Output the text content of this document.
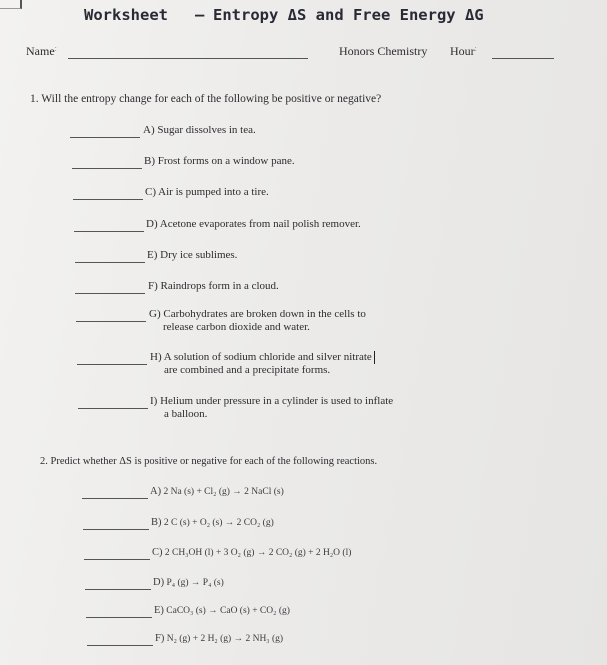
Worksheet – Entropy ΔS and Free Energy ΔG
Name:	Honors Chemistry Hour:
1. Will the entropy change for each of the following be positive or negative?
A) Sugar dissolves in tea.
B) Frost forms on a window pane.
C) Air is pumped into a tire.
D) Acetone evaporates from nail polish remover.
E) Dry ice sublimes.
F) Raindrops form in a cloud.
G) Carbohydrates are broken down in the cells to
release carbon dioxide and water.
H) A solution of sodium chloride and silver nitrate
are combined and a precipitate forms.
I) Helium under pressure in a cylinder is used to inflate
a balloon.
2. Predict whether ΔS is positive or negative for each of the following reactions.
A) 2 Na (s) + Cl₂ (g) → 2 NaCl (s)
B) 2 C (s) + O₂ (s) → 2 CO₂ (g)
C) 2 CH₃OH (l) + 3 O₂ (g) → 2 CO₂ (g) + 2 H₂O (l)
D) P₄ (g) → P₄ (s)
E) CaCO₃ (s) → CaO (s) + CO₂ (g)
F) N₂ (g) + 2 H₂ (g) → 2 NH₃ (g)
